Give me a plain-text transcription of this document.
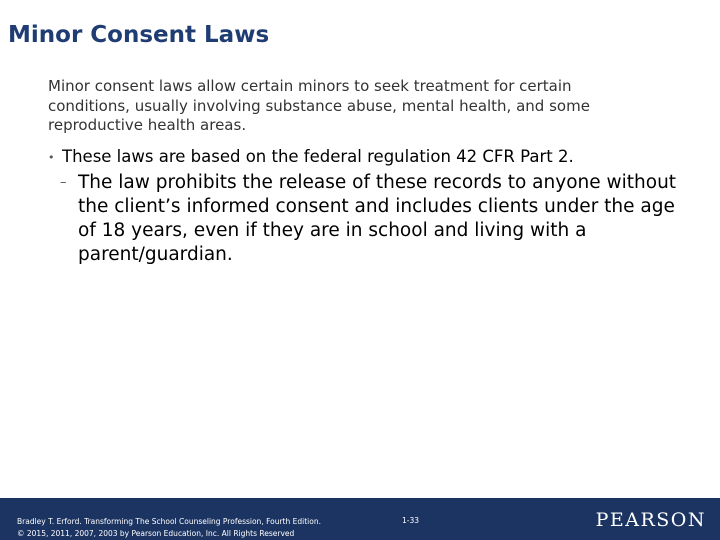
Minor Consent Laws
Minor consent laws allow certain minors to seek treatment for certain conditions, usually involving substance abuse, mental health, and some reproductive health areas.
• These laws are based on the federal regulation 42 CFR Part 2.
– The law prohibits the release of these records to anyone without the client’s informed consent and includes clients under the age of 18 years, even if they are in school and living with a parent/guardian.
Bradley T. Erford. Transforming The School Counseling Profession, Fourth Edition.
© 2015, 2011, 2007, 2003 by Pearson Education, Inc. All Rights Reserved
1-33	PEARSON
